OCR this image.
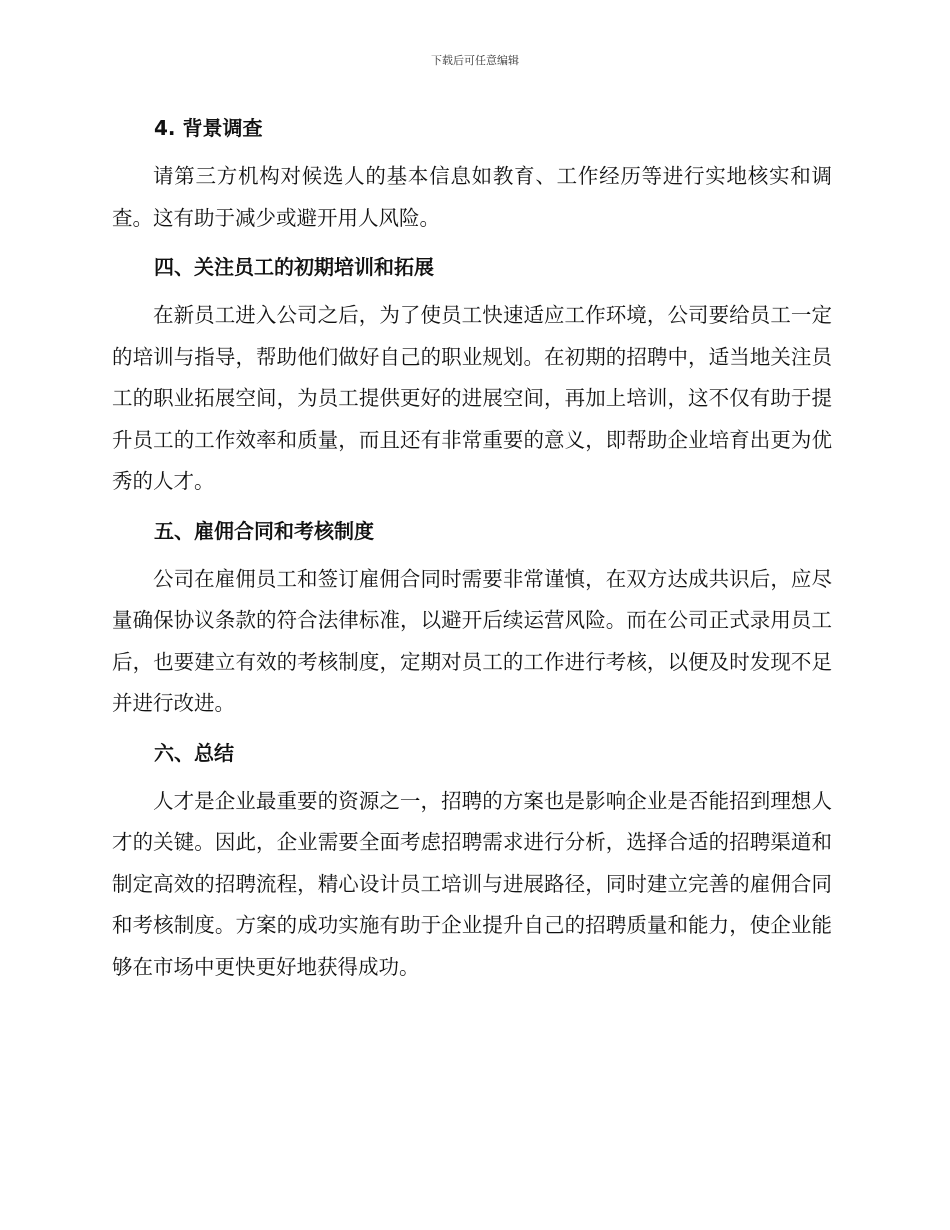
下载后可任意编辑
4. 背景调查

请第三方机构对候选人的基本信息如教育、工作经历等进行实地核实和调查。这有助于减少或避开用人风险。

四、关注员工的初期培训和拓展

在新员工进入公司之后，为了使员工快速适应工作环境，公司要给员工一定的培训与指导，帮助他们做好自己的职业规划。在初期的招聘中，适当地关注员工的职业拓展空间，为员工提供更好的进展空间，再加上培训，这不仅有助于提升员工的工作效率和质量，而且还有非常重要的意义，即帮助企业培育出更为优秀的人才。

五、雇佣合同和考核制度

公司在雇佣员工和签订雇佣合同时需要非常谨慎，在双方达成共识后，应尽量确保协议条款的符合法律标准，以避开后续运营风险。而在公司正式录用员工后，也要建立有效的考核制度，定期对员工的工作进行考核，以便及时发现不足并进行改进。

六、总结

人才是企业最重要的资源之一，招聘的方案也是影响企业是否能招到理想人才的关键。因此，企业需要全面考虑招聘需求进行分析，选择合适的招聘渠道和制定高效的招聘流程，精心设计员工培训与进展路径，同时建立完善的雇佣合同和考核制度。方案的成功实施有助于企业提升自己的招聘质量和能力，使企业能够在市场中更快更好地获得成功。
